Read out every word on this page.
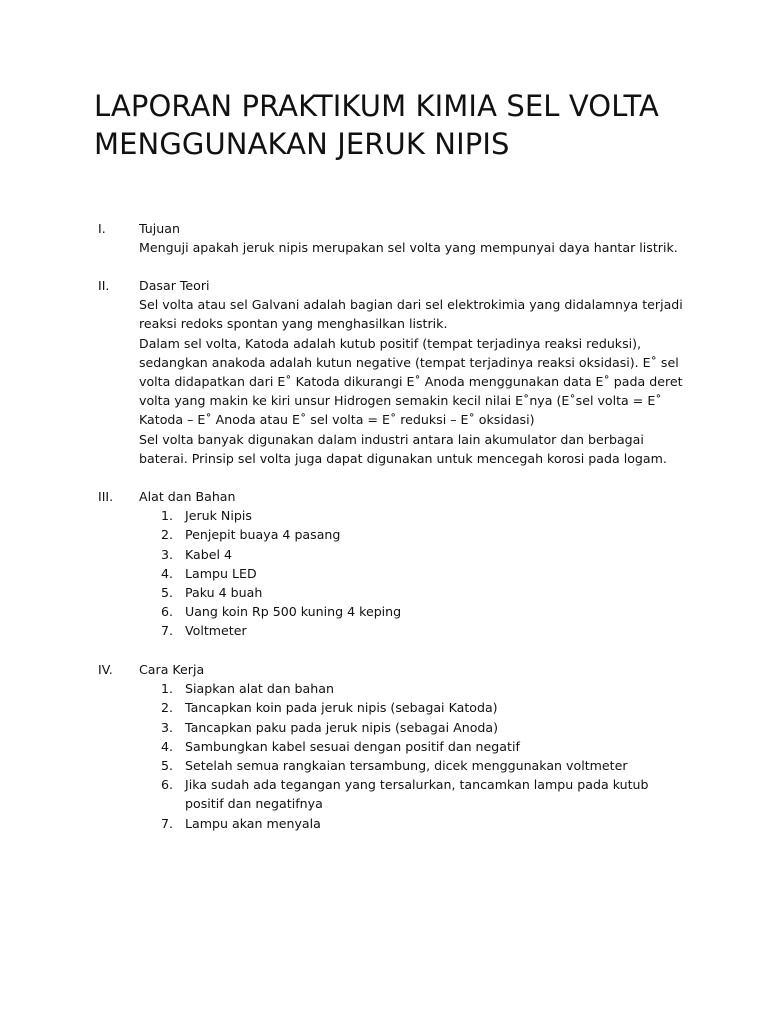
LAPORAN PRAKTIKUM KIMIA SEL VOLTA MENGGUNAKAN JERUK NIPIS
I.	Tujuan

Menguji apakah jeruk nipis merupakan sel volta yang mempunyai daya hantar listrik.

II.	Dasar Teori

Sel volta atau sel Galvani adalah bagian dari sel elektrokimia yang didalamnya terjadi reaksi redoks spontan yang menghasilkan listrik.

Dalam sel volta, Katoda adalah kutub positif (tempat terjadinya reaksi reduksi), sedangkan anakoda adalah kutun negative (tempat terjadinya reaksi oksidasi). E˚ sel volta didapatkan dari E˚ Katoda dikurangi E˚ Anoda menggunakan data E˚ pada deret volta yang makin ke kiri unsur Hidrogen semakin kecil nilai E˚nya (E˚sel volta = E˚ Katoda – E˚ Anoda atau E˚ sel volta = E˚ reduksi – E˚ oksidasi)

Sel volta banyak digunakan dalam industri antara lain akumulator dan berbagai baterai. Prinsip sel volta juga dapat digunakan untuk mencegah korosi pada logam.

III.	Alat dan Bahan
1. Jeruk Nipis
2. Penjepit buaya 4 pasang
3. Kabel 4
4. Lampu LED
5. Paku 4 buah
6. Uang koin Rp 500 kuning 4 keping
7. Voltmeter
IV.	Cara Kerja
1. Siapkan alat dan bahan
2. Tancapkan koin pada jeruk nipis (sebagai Katoda)
3. Tancapkan paku pada jeruk nipis (sebagai Anoda)
4. Sambungkan kabel sesuai dengan positif dan negatif
5. Setelah semua rangkaian tersambung, dicek menggunakan voltmeter
6. Jika sudah ada tegangan yang tersalurkan, tancamkan lampu pada kutub positif dan negatifnya
7. Lampu akan menyala
